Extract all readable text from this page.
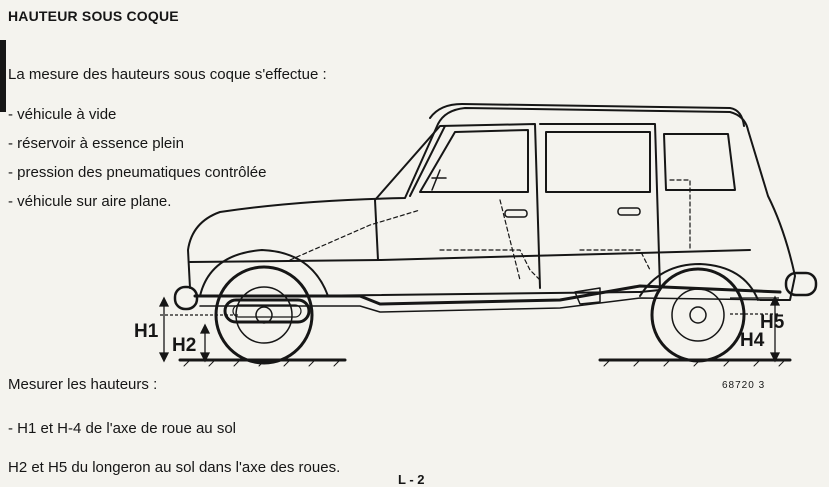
HAUTEUR SOUS COQUE
La mesure des hauteurs sous coque s'effectue :
- véhicule à vide
- réservoir à essence plein
- pression des pneumatiques contrôlée
- véhicule sur aire plane.
H1
H2
H5
H4
68720 3
Mesurer les hauteurs :
- H1 et H-4 de l'axe de roue au sol
H2 et H5 du longeron au sol dans l'axe des roues.
L - 2
